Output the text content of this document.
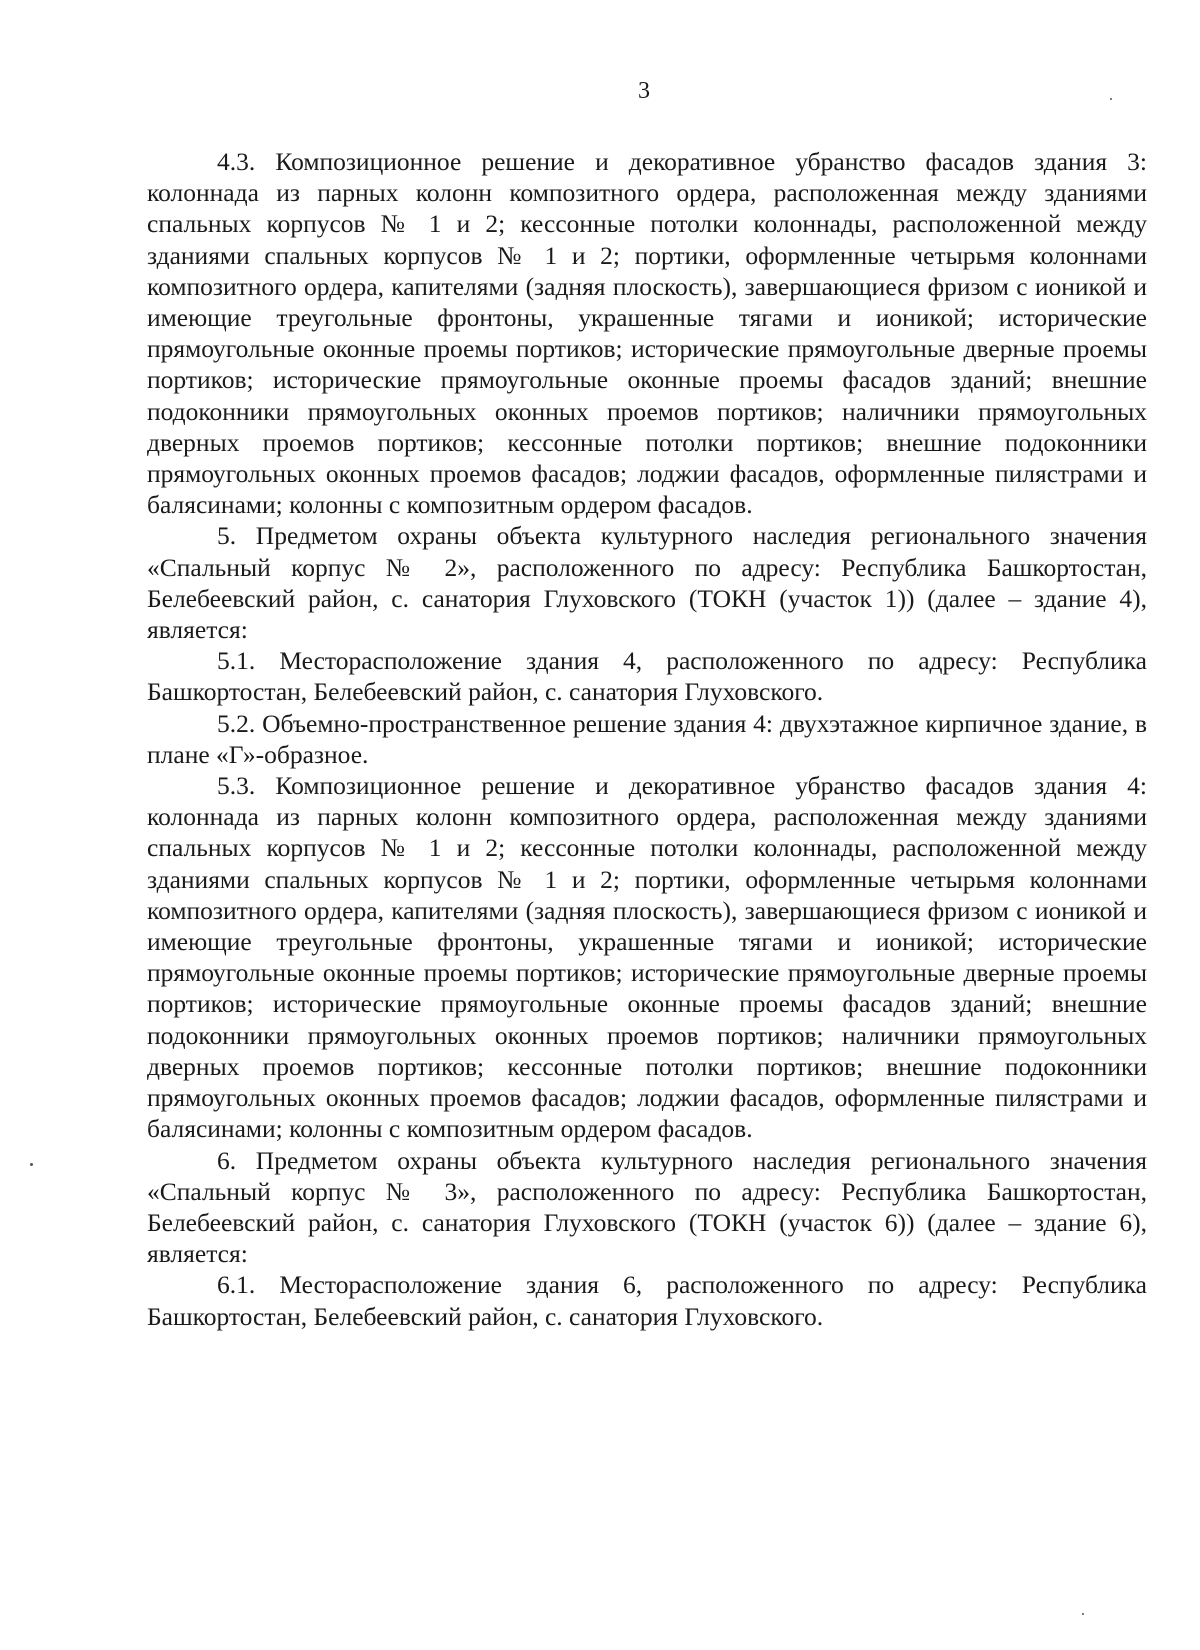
3

4.3. Композиционное решение и декоративное убранство фасадов здания 3: колоннада из парных колонн композитного ордера, расположенная между зданиями спальных корпусов № 1 и 2; кессонные потолки колоннады, расположенной между зданиями спальных корпусов № 1 и 2; портики, оформленные четырьмя колоннами композитного ордера, капителями (задняя плоскость), завершающиеся фризом с ионикой и имеющие треугольные фронтоны, украшенные тягами и ионикой; исторические прямоугольные оконные проемы портиков; исторические прямоугольные дверные проемы портиков; исторические прямоугольные оконные проемы фасадов зданий; внешние подоконники прямоугольных оконных проемов портиков; наличники прямоугольных дверных проемов портиков; кессонные потолки портиков; внешние подоконники прямоугольных оконных проемов фасадов; лоджии фасадов, оформленные пилястрами и балясинами; колонны с композитным ордером фасадов.

5. Предметом охраны объекта культурного наследия регионального значения «Спальный корпус № 2», расположенного по адресу: Республика Башкортостан, Белебеевский район, с. санатория Глуховского (ТОКН (участок 1)) (далее – здание 4), является:

5.1. Месторасположение здания 4, расположенного по адресу: Республика Башкортостан, Белебеевский район, с. санатория Глуховского.

5.2. Объемно-пространственное решение здания 4: двухэтажное кирпичное здание, в плане «Г»-образное.

5.3. Композиционное решение и декоративное убранство фасадов здания 4: колоннада из парных колонн композитного ордера, расположенная между зданиями спальных корпусов № 1 и 2; кессонные потолки колоннады, расположенной между зданиями спальных корпусов № 1 и 2; портики, оформленные четырьмя колоннами композитного ордера, капителями (задняя плоскость), завершающиеся фризом с ионикой и имеющие треугольные фронтоны, украшенные тягами и ионикой; исторические прямоугольные оконные проемы портиков; исторические прямоугольные дверные проемы портиков; исторические прямоугольные оконные проемы фасадов зданий; внешние подоконники прямоугольных оконных проемов портиков; наличники прямоугольных дверных проемов портиков; кессонные потолки портиков; внешние подоконники прямоугольных оконных проемов фасадов; лоджии фасадов, оформленные пилястрами и балясинами; колонны с композитным ордером фасадов.

6. Предметом охраны объекта культурного наследия регионального значения «Спальный корпус № 3», расположенного по адресу: Республика Башкортостан, Белебеевский район, с. санатория Глуховского (ТОКН (участок 6)) (далее – здание 6), является:

6.1. Месторасположение здания 6, расположенного по адресу: Республика Башкортостан, Белебеевский район, с. санатория Глуховского.
